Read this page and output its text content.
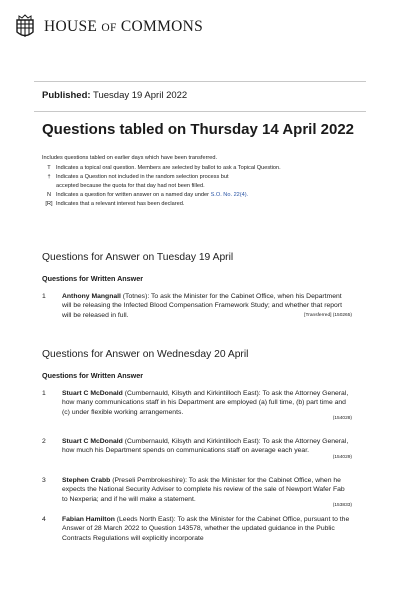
HOUSE OF COMMONS
Published: Tuesday 19 April 2022
Questions tabled on Thursday 14 April 2022
Includes questions tabled on earlier days which have been transferred.
T Indicates a topical oral question. Members are selected by ballot to ask a Topical Question.
† Indicates a Question not included in the random selection process but
accepted because the quota for that day had not been filled.
N Indicates a question for written answer on a named day under S.O. No. 22(4).
[R] Indicates that a relevant interest has been declared.
Questions for Answer on Tuesday 19 April
Questions for Written Answer
1	Anthony Mangnall (Totnes): To ask the Minister for the Cabinet Office, when his Department will be releasing the Infected Blood Compensation Framework Study; and whether that report will be released in full.	[Transferred] (150265)
Questions for Answer on Wednesday 20 April
Questions for Written Answer
1	Stuart C McDonald (Cumbernauld, Kilsyth and Kirkintilloch East): To ask the Attorney General, how many communications staff in his Department are employed (a) full time, (b) part time and (c) under flexible working arrangements.
(154028)
2	Stuart C McDonald (Cumbernauld, Kilsyth and Kirkintilloch East): To ask the Attorney General, how much his Department spends on communications staff on average each year.
(154029)
3	Stephen Crabb (Preseli Pembrokeshire): To ask the Minister for the Cabinet Office, when he expects the National Security Adviser to complete his review of the sale of Newport Wafer Fab to Nexperia; and if he will make a statement.
(153833)
4	Fabian Hamilton (Leeds North East): To ask the Minister for the Cabinet Office, pursuant to the Answer of 28 March 2022 to Question 143578, whether the updated guidance in the Public Contracts Regulations will explicitly incorporate
